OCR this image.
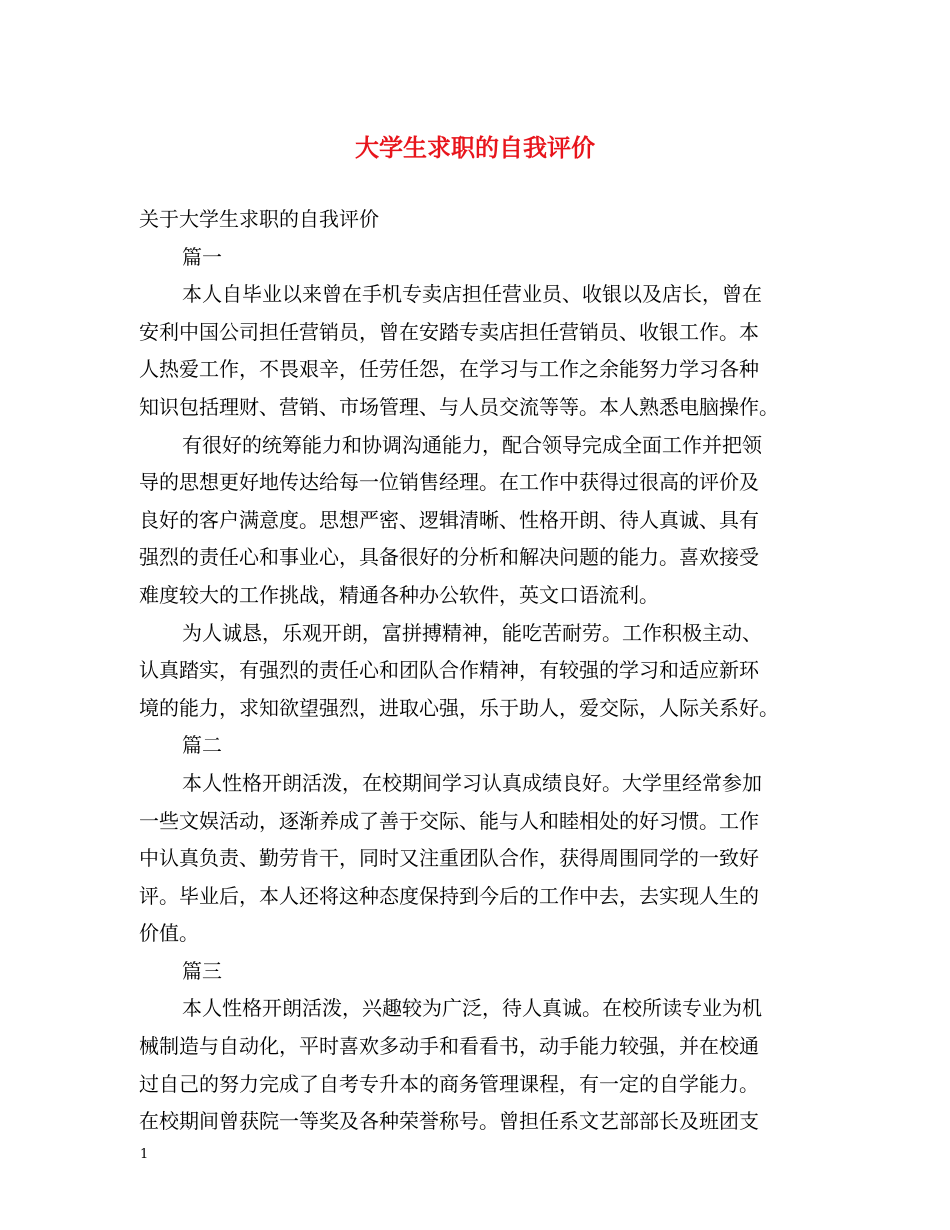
大学生求职的自我评价
关于大学生求职的自我评价
篇一
本人自毕业以来曾在手机专卖店担任营业员、收银以及店长，曾在
安利中国公司担任营销员，曾在安踏专卖店担任营销员、收银工作。本
人热爱工作，不畏艰辛，任劳任怨，在学习与工作之余能努力学习各种
知识包括理财、营销、市场管理、与人员交流等等。本人熟悉电脑操作。
有很好的统筹能力和协调沟通能力，配合领导完成全面工作并把领
导的思想更好地传达给每一位销售经理。在工作中获得过很高的评价及
良好的客户满意度。思想严密、逻辑清晰、性格开朗、待人真诚、具有
强烈的责任心和事业心，具备很好的分析和解决问题的能力。喜欢接受
难度较大的工作挑战，精通各种办公软件，英文口语流利。
为人诚恳，乐观开朗，富拼搏精神，能吃苦耐劳。工作积极主动、
认真踏实，有强烈的责任心和团队合作精神，有较强的学习和适应新环
境的能力，求知欲望强烈，进取心强，乐于助人，爱交际，人际关系好。
篇二
本人性格开朗活泼，在校期间学习认真成绩良好。大学里经常参加
一些文娱活动，逐渐养成了善于交际、能与人和睦相处的好习惯。工作
中认真负责、勤劳肯干，同时又注重团队合作，获得周围同学的一致好
评。毕业后，本人还将这种态度保持到今后的工作中去，去实现人生的
价值。
篇三
本人性格开朗活泼，兴趣较为广泛，待人真诚。在校所读专业为机
械制造与自动化，平时喜欢多动手和看看书，动手能力较强，并在校通
过自己的努力完成了自考专升本的商务管理课程，有一定的自学能力。
在校期间曾获院一等奖及各种荣誉称号。曾担任系文艺部部长及班团支
1
